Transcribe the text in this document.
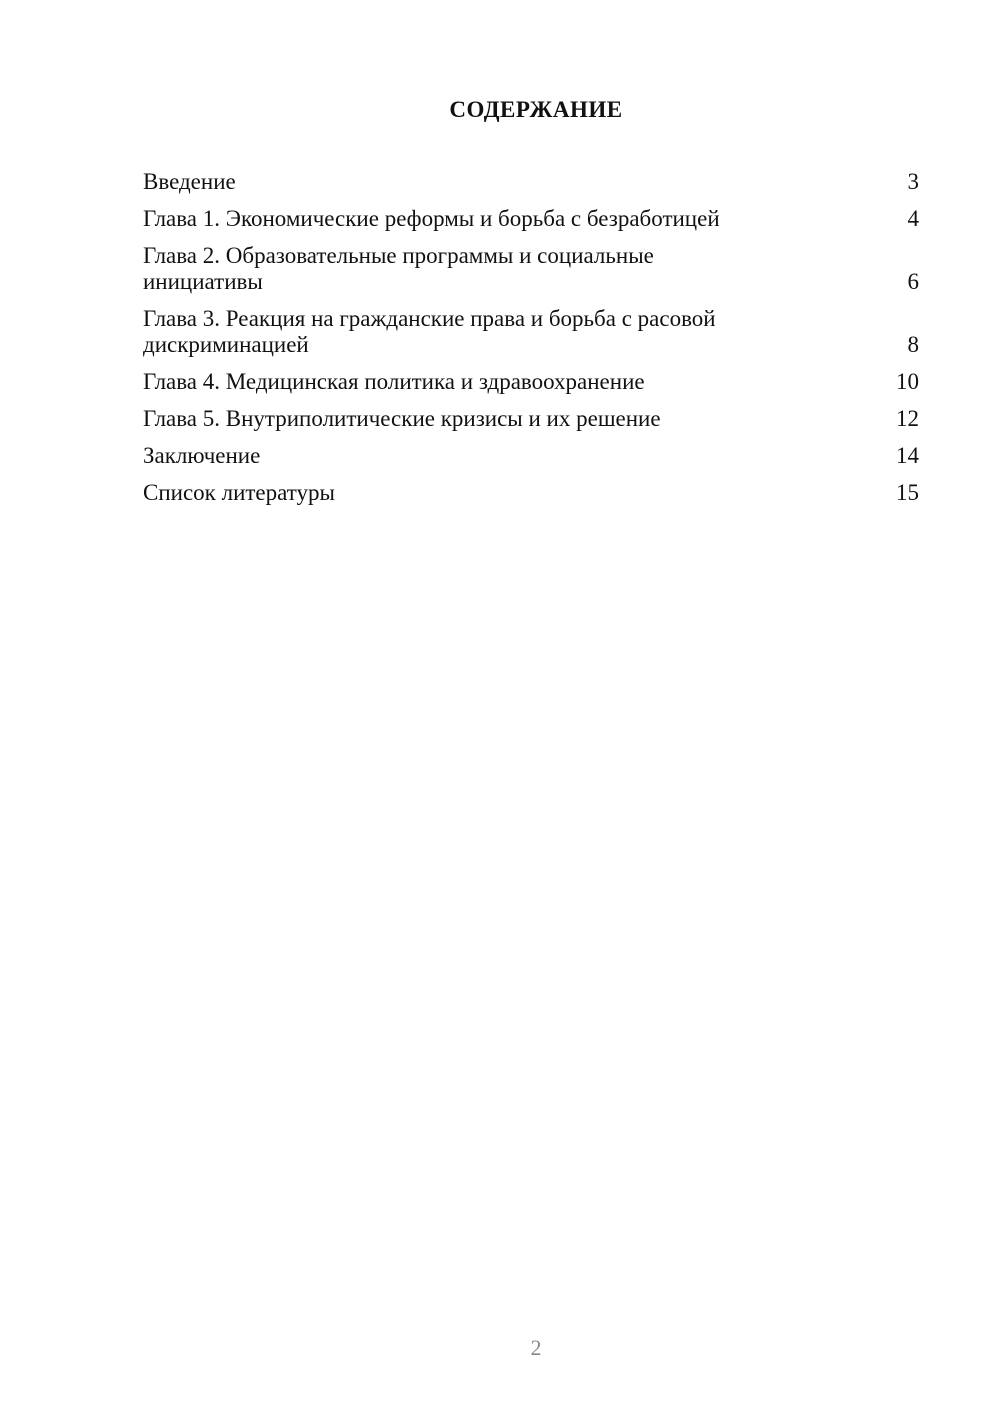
СОДЕРЖАНИЕ
Введение	3
Глава 1. Экономические реформы и борьба с безработицей	4
Глава 2. Образовательные программы и социальные инициативы	6
Глава 3. Реакция на гражданские права и борьба с расовой дискриминацией	8
Глава 4. Медицинская политика и здравоохранение	10
Глава 5. Внутриполитические кризисы и их решение	12
Заключение	14
Список литературы	15
2
